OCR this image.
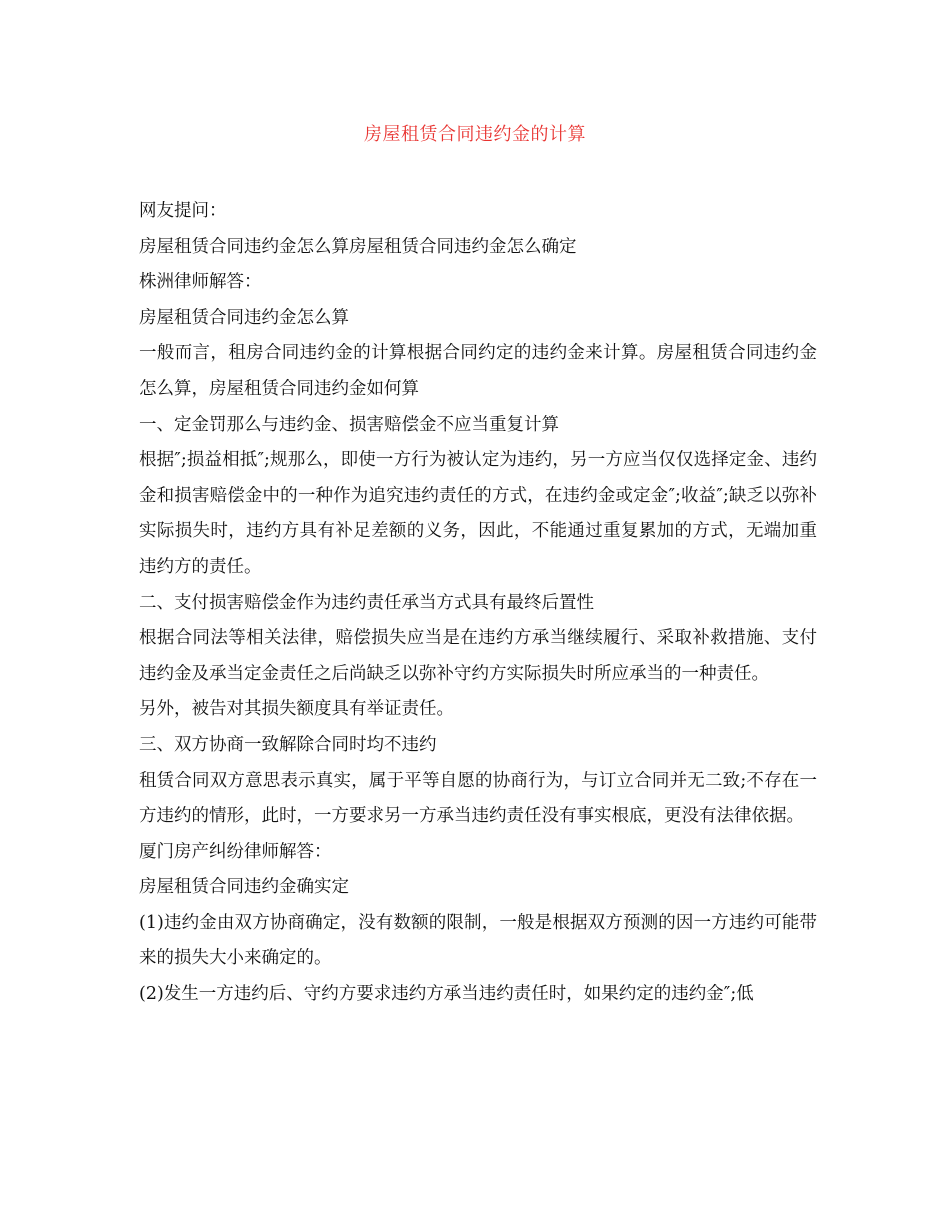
房屋租赁合同违约金的计算

网友提问：

房屋租赁合同违约金怎么算房屋租赁合同违约金怎么确定

株洲律师解答：

房屋租赁合同违约金怎么算

一般而言，租房合同违约金的计算根据合同约定的违约金来计算。房屋租赁合同违约金怎么算，房屋租赁合同违约金如何算

一、定金罚那么与违约金、损害赔偿金不应当重复计算

根据″;损益相抵″;规那么，即使一方行为被认定为违约，另一方应当仅仅选择定金、违约金和损害赔偿金中的一种作为追究违约责任的方式，在违约金或定金″;收益″;缺乏以弥补实际损失时，违约方具有补足差额的义务，因此，不能通过重复累加的方式，无端加重违约方的责任。

二、支付损害赔偿金作为违约责任承当方式具有最终后置性

根据合同法等相关法律，赔偿损失应当是在违约方承当继续履行、采取补救措施、支付违约金及承当定金责任之后尚缺乏以弥补守约方实际损失时所应承当的一种责任。

另外，被告对其损失额度具有举证责任。

三、双方协商一致解除合同时均不违约

租赁合同双方意思表示真实，属于平等自愿的协商行为，与订立合同并无二致;不存在一方违约的情形，此时，一方要求另一方承当违约责任没有事实根底，更没有法律依据。

厦门房产纠纷律师解答：

房屋租赁合同违约金确实定

(1)违约金由双方协商确定，没有数额的限制，一般是根据双方预测的因一方违约可能带来的损失大小来确定的。

(2)发生一方违约后、守约方要求违约方承当违约责任时，如果约定的违约金″;低
